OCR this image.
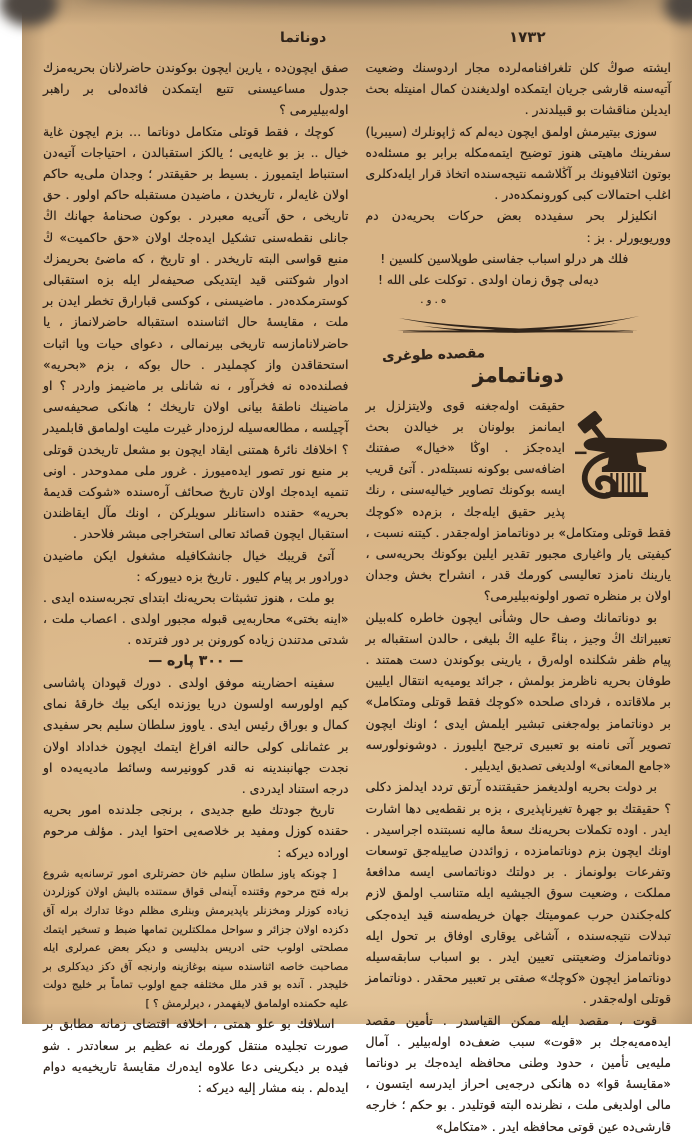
دوناتما	١٧٣٢

ايشته صوڭ كلن تلغرافنامه‌لرده مجار اردوسنك وضعيت آتيه‌سنه قارشى جريان ايتمكده اولديغندن كمال امنيتله بحث ايديلن مناقشات بو قبيلدندر .

سوزى بيتيرمش اولمق ايچون ديه‌لم كه ژاپونلرك (سيبريا) سفرينك ماهيتى هنوز توضيح ايتمه‌مكله برابر بو مسئله‌ده بوتون ائتلافيونك بر آڭلاشمه نتيجه‌سنده اتخاذ قرار ايله‌دكلرى اغلب احتمالات كبى كورونمكده‌در .

انكليزلر بحر سفيدده بعض حركات بحريه‌دن دم ووريويورلر . بز :

فلك هر درلو اسباب جفاسنى طوپلاسين كلسين !

ديه‌لى چوق زمان اولدى . توكلت على الله !

ه . و .
مقصده طوغرى
دوناتمامز

حقيقت اوله‌جغنه قوى ولايتزلزل بر ايمانمز بولونان بر خيالدن بحث ايده‌جكز . اوڭا «خيال» صفتنك اضافه‌سى بوكونه نسبتله‌در . آتئ قريب ايسه بوكونك تصاوير خياليه‌سنى ، رنك پذير حقيق ايله‌جك ، بزم‌ده «كوچك فقط قوتلى ومتكامل» بر دوناتمامز اوله‌جقدر . كيتنه نسبت ، كيفيتى يار واغيارى مجبور تقدير ايلين بوكونك بحريه‌سى ، يارينك نامزد تعاليسى كورمك قدر ، انشراح بخش وجدان اولان بر منظره تصور اولونه‌بيليرمى؟

بو دوناتمانك وصف حال وشأنى ايچون خاطره كله‌بيلن تعبيراتك اڭ وجيز ، بناءً عليه اڭ بليغى ، حالدن استقباله بر پيام ظفر شكلنده اوله‌رق ، يارينى بوكوندن دست همتند . طوفان بحريه ناظرمز بولمش ، جرائد يوميه‌يه انتقال ايليين بر ملاقاتده ، فرداى صلحده «كوچك فقط قوتلى ومتكامل» بر دوناتمامز بوله‌جغنى تبشير ايلمش ايدى ؛ اونك ايچون تصوير آتى نامنه بو تعبيرى ترجيح ايليورز . دوشونولورسه «جامع المعانى» اولديغى تصديق ايديلير .

بر دولت بحريه اولديغمز حقيقتنده آرتق تردد ايدلمز دكلى ؟ حقيقتك بو جهرهٔ تغيرناپذيرى ، بزه بر نقطه‌يى دها اشارت ايدر . اوده تكملات بحريه‌نك سعهٔ ماليه نسبتنده اجراسيدر . اونك ايچون بزم دوناتمامزده ، زوائددن صاييله‌جق توسعات وتفرعات بولونماز . بر دولتك دوناتماسى ايسه مدافعهٔ مملكت ، وضعيت سوق الجيشيه ايله متناسب اولمق لازم كله‌جكندن حرب عموميتك جهان خريطه‌سنه قيد ايده‌جكى تبدلات نتيجه‌سنده ، آشاغى يوقارى اوفاق بر تحول ايله دوناتمامزك وضعيتنى تعيين ايدر . بو اسباب سابقه‌سيله دوناتمامز ايچون «كوچك» صفتى بر تعبير محقدر . دوناتمامز قوتلى اوله‌جقدر .

قوت ، مقصد ايله ممكن القياسدر . تأمين مقصد ايده‌مه‌يه‌جك بر «قوت» سبب ضعف‌ده اوله‌بيلير . آمال مليه‌يى تأمين ، حدود وطنى محافظه ايده‌جك بر دوناتما «مقايسهٔ قوا» ده هانكى درجه‌يى احراز ايدرسه ايتسون ، مالى اولديغى ملت ، نظرنده البته قوتليدر . بو حكم ؛ خارجه قارشى‌ده عين قوتى محافظه ايدر . «متكامل»

صفق ايچون‌ده ، يارين ايچون بوكوندن حاضرلانان بحريه‌مزك جدول مساعيسنى تتبع ايتمكدن فائده‌لى بر راهبر اوله‌بيليرمى ؟

كوچك ، فقط قوتلى متكامل دوناتما … بزم ايچون غاية خيال .. بز بو غايه‌يى ؛ يالكز استقبالدن ، احتياجات آتيه‌دن استنباط ايتميورز . بسيط بر حقيقتدر ؛ وجدان ملى‌يه حاكم اولان غايه‌لر ، تاريخدن ، ماضيدن مستقبله حاكم اولور . حق تاريخى ، حق آتى‌يه معبردر . بوكون صحنامهٔ جهانك اڭ جانلى نقطه‌سنى تشكيل ايده‌جك اولان «حق حاكميت» ڭ منبع قواسى البته تاريخدر . او تاريخ ، كه ماضئ بحريمزك ادوار شوكتنى قيد ايتديكى صحيفه‌لر ايله بزه استقبالى كوسترمكده‌در . ماضيسنى ، كوكسى قبارارق تخطر ايدن بر ملت ، مقايسهٔ حال اثناسنده استقباله حاضرلانماز ، يا حاضرلانامازسه تاريخى بيرنمالى ، دعواى حيات ويا اثبات استحقاقدن واز كچمليدر . حال بوكه ، بزم «بحريه» فصلنده‌ده نه فخرآور ، نه شانلى بر ماضيمز واردر ؟ او ماضينك ناطقهٔ بيانى اولان تاريخك ؛ هانكى صحيفه‌سى آچيلسه ، مطالعه‌سيله لرزه‌دار غيرت مليت اولمامق قابلميدر ؟ اخلافك نائرهٔ همتنى ايقاد ايچون بو مشعل تاريخدن قوتلى بر منبع نور تصور ايده‌ميورز . غرور ملى ممدوحدر . اونى تنميه ايده‌جك اولان تاريخ صحائف آره‌سنده «شوكت قديمهٔ بحريه» حقنده داستانلر سويلركن ، اونك مآل ايقاظندن استقبال ايچون قصائد تعالى استخراجى مبشر فلاحدر .

آتئ قريبك خيال جانشكافيله مشغول ايكن ماضيدن دورادور بر پيام كليور . تاريخ بزه دييوركه :

بو ملت ، هنوز تشبثات بحريه‌نك ابتداى تجربه‌سنده ايدى . «اينه بختى» محاربه‌يى قبوله مجبور اولدى . اعصاب ملت ، شدتى مدتندن زياده كورونن بر دور فترتده .

— ٣٠٠ پاره —

سفينه احضارينه موفق اولدى . دورك قپودان پاشاسى كيم اولورسه اولسون دريا يوزنده ايكى بيك خارقهٔ نماى كمال و بوراق رئيس ايدى . ياووز سلطان سليم بحر سفيدى بر عثمانلى كولى حالنه افراغ ايتمك ايچون خداداد اولان نجدت جهانبندينه نه قدر كوونيرسه وسائط ماديه‌يه‌ده او درجه استناد ايدردى .

تاريخ جودتك طبع جديدى ، برنجى جلدنده امور بحريه حقنده كوزل ومفيد بر خلاصه‌يى احتوا ايدر . مؤلف مرحوم اوراده ديركه :

[ چونكه ياوز سلطان سليم خان حضرتلرى امور ترسانه‌يه شروع برله فتح مرحوم وقتنده آينه‌لى قواق سمتنده باليش اولان كوزلردن زياده كوزلر ومخزنلر ياپديرمش وبنلرى مظلم دوغا تدارك برله آق دكزده اولان جزائر و سواحل مملكتلرين تمامها ضبط و تسخير ايتمك مصلحتى اولوب حتى ادريس بدليسى و ديكر بعض عمرلرى ايله مصاحبت خاصه اثناسنده سينه بوغازينه وارنجه آق دكز ديدكلرى بر خليجدر . آنده بو قدر ملل مختلفه جمع اولوب تماماً بر خليج دولت عليه حكمنده اولمامق لايفهمدر ، ديرلرمش ؟ ]

اسلافك بو علو همتى ، اخلافه اقتضاى زمانه مطابق بر صورت تجليده منتقل كورمك نه عظيم بر سعادتدر . شو فيده بر ديكرينى دعا علاوه ايده‌رك مقايسهٔ تاريخيه‌يه دوام ايده‌لم . بنه مشار إليه ديركه :
